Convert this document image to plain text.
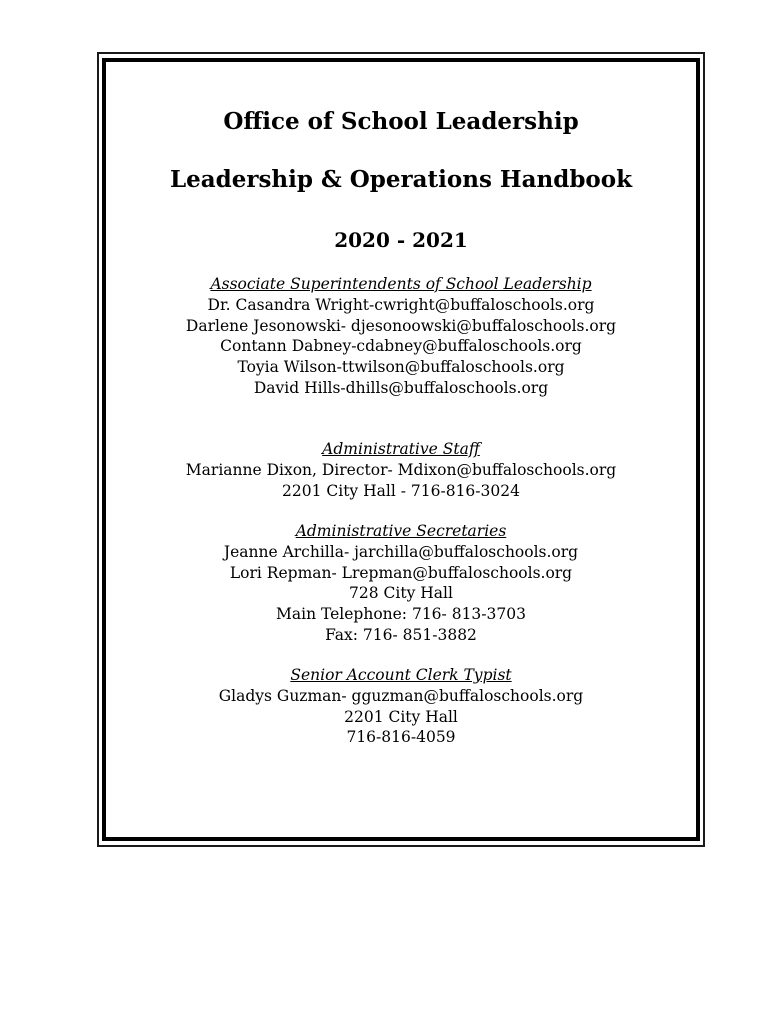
Office of School Leadership
Leadership & Operations Handbook
2020 - 2021
Associate Superintendents of School Leadership
Dr. Casandra Wright-cwright@buffaloschools.org
Darlene Jesonowski- djesonoowski@buffaloschools.org
Contann Dabney-cdabney@buffaloschools.org
Toyia Wilson-ttwilson@buffaloschools.org
David Hills-dhills@buffaloschools.org
Administrative Staff
Marianne Dixon, Director- Mdixon@buffaloschools.org
2201 City Hall - 716-816-3024
Administrative Secretaries
Jeanne Archilla- jarchilla@buffaloschools.org
Lori Repman- Lrepman@buffaloschools.org
728 City Hall
Main Telephone: 716- 813-3703
Fax: 716- 851-3882
Senior Account Clerk Typist
Gladys Guzman- gguzman@buffaloschools.org
2201 City Hall
716-816-4059
